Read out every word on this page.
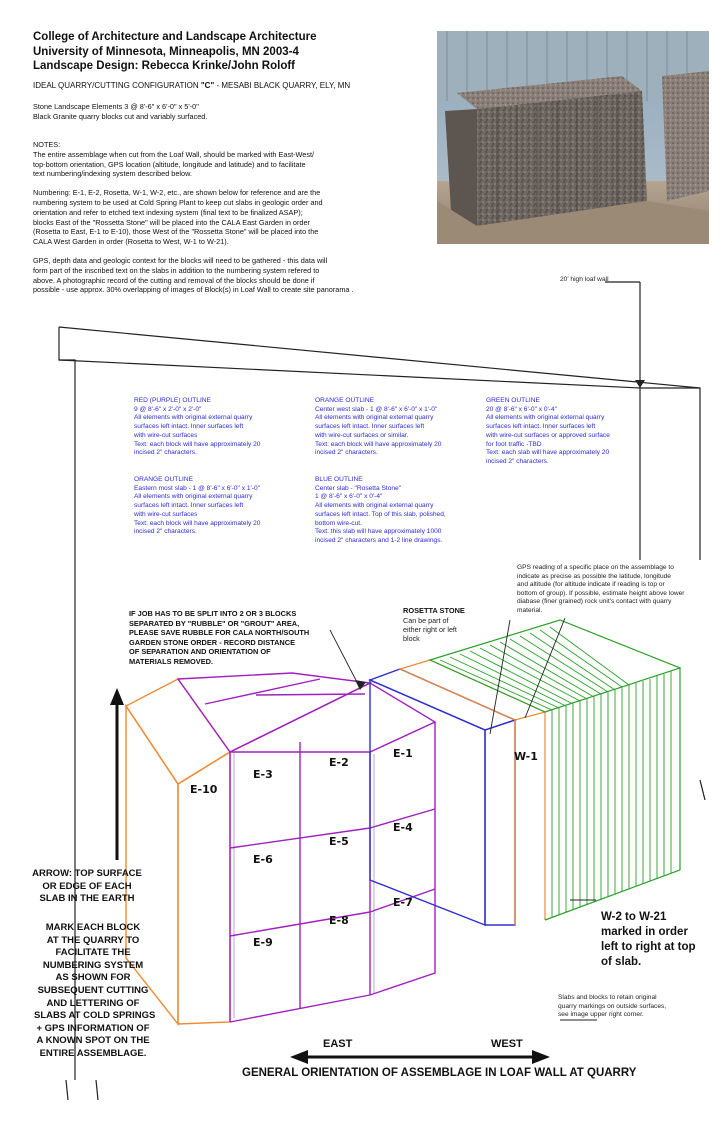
College of Architecture and Landscape Architecture
University of Minnesota, Minneapolis, MN 2003-4
Landscape Design: Rebecca Krinke/John Roloff
IDEAL QUARRY/CUTTING CONFIGURATION "C" - MESABI BLACK QUARRY, ELY, MN
Stone Landscape Elements 3 @ 8'-6" x 6'-0" x 5'-0"
Black Granite quarry blocks cut and variably surfaced.
NOTES:
The entire assemblage when cut from the Loaf Wall, should be marked with East-West/
top-bottom orientation, GPS location (altitude, longitude and latitude) and to facilitate
text numbering/indexing system described below.
Numbering: E-1, E-2, Rosetta, W-1, W-2, etc., are shown below for reference and are the
numbering system to be used at Cold Spring Plant to keep cut slabs in geologic order and
orientation and refer to etched text indexing system (final text to be finalized ASAP);
blocks East of the "Rossetta Stone" will be placed into the CALA East Garden in order
(Rosetta to East, E-1 to E-10), those West of the "Rossetta Stone" will be placed into the
CALA West Garden in order (Rosetta to West, W-1 to W-21).
GPS, depth data and geologic context for the blocks will need to be gathered - this data will
form part of the inscribed text on the slabs in addition to the numbering system refered to
above. A photographic record of the cutting and removal of the blocks should be done if
possible - use approx. 30% overlapping of images of Block(s) in Loaf Wall to create site panorama .
20' high loaf wall
RED (PURPLE) OUTLINE
9 @ 8'-6" x 2'-0" x 2'-0"
All elements with original external quarry
surfaces left intact. Inner surfaces left
with wire-cut surfaces
Text: each block will have approximately 20
incised 2" characters.
ORANGE OUTLINE
Center west slab - 1 @ 8'-6" x 6'-0" x 1'-0"
All elements with original external quarry
surfaces left intact. Inner surfaces left
with wire-cut surfaces or similar.
Text: each block will have approximately 20
incised 2" characters.
GREEN OUTLINE
20 @ 8'-6" x 6'-0" x 0'-4"
All elements with original external quarry
surfaces left intact. Inner surfaces left
with wire-cut surfaces or approved surface
for foot traffic -TBD
Text: each slab will have approximately 20
incised 2" characters.
ORANGE OUTLINE
Eastern most slab - 1 @ 8'-6" x 6'-0" x 1'-0"
All elements with original external quarry
surfaces left intact. Inner surfaces left
with wire-cut surfaces
Text: each block will have approximately 20
incised 2" characters.
BLUE OUTLINE
Center slab - "Rosetta Stone"
1 @ 8'-6" x 6'-0" x 0'-4"
All elements with original external quarry
surfaces left intact. Top of this slab, polished,
bottom wire-cut.
Text: this slab will have approximately 1000
incised 2" characters and 1-2 line drawings.
GPS reading of a specific place on the assemblage to
indicate as precise as possible the latitude, longitude
and altitude (for altitude indicate if reading is top or
bottom of group). If possible, estimate height above lower
diabase (finer grained) rock unit's contact with quarry
material.
IF JOB HAS TO BE SPLIT INTO 2 OR 3 BLOCKS
SEPARATED BY "RUBBLE" OR "GROUT" AREA,
PLEASE SAVE RUBBLE FOR CALA NORTH/SOUTH
GARDEN STONE ORDER - RECORD DISTANCE
OF SEPARATION AND ORIENTATION OF
MATERIALS REMOVED.
ROSETTA STONE
Can be part of
either right or left
block
E-1
E-2
E-3
E-4
E-5
E-6
E-7
E-8
E-9
E-10
W-1
ARROW: TOP SURFACE
OR EDGE OF EACH
SLAB IN THE EARTH
MARK EACH BLOCK
AT THE QUARRY TO
FACILITATE THE
NUMBERING SYSTEM
AS SHOWN FOR
SUBSEQUENT CUTTING
AND LETTERING OF
SLABS AT COLD SPRINGS
+ GPS INFORMATION OF
A KNOWN SPOT ON THE
ENTIRE ASSEMBLAGE.
W-2 to W-21
marked in order
left to right at top
of slab.
Slabs and blocks to retain original
quarry markings on outside surfaces,
see image upper right corner.
EAST	WEST
GENERAL ORIENTATION OF ASSEMBLAGE IN LOAF WALL AT QUARRY
